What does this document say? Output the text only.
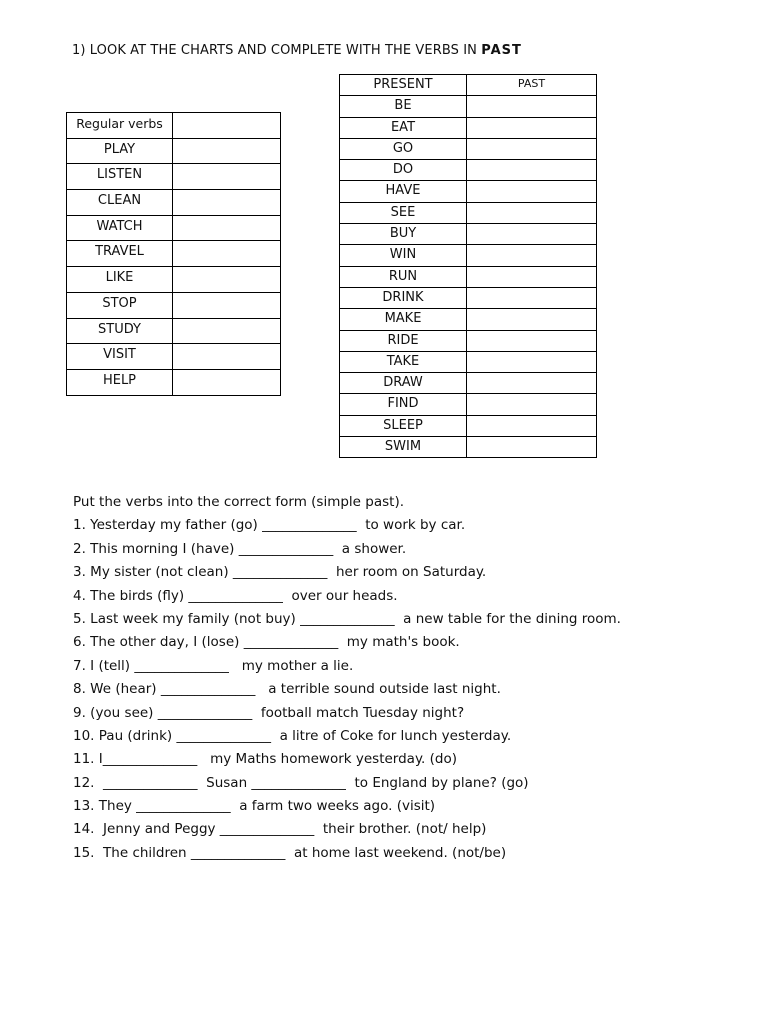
1) LOOK AT THE CHARTS AND COMPLETE WITH THE VERBS IN PAST
Regular verbs	
PLAY	
LISTEN	
CLEAN	
WATCH	
TRAVEL	
LIKE	
STOP	
STUDY	
VISIT	
HELP	
PRESENT	PAST
BE	
EAT	
GO	
DO	
HAVE	
SEE	
BUY	
WIN	
RUN	
DRINK	
MAKE	
RIDE	
TAKE	
DRAW	
FIND	
SLEEP	
SWIM	
Put the verbs into the correct form (simple past).
1. Yesterday my father (go) ______________  to work by car.
2. This morning I (have) ______________  a shower.
3. My sister (not clean) ______________  her room on Saturday.
4. The birds (fly) ______________  over our heads.
5. Last week my family (not buy) ______________  a new table for the dining room.
6. The other day, I (lose) ______________  my math's book.
7. I (tell) ______________   my mother a lie.
8. We (hear) ______________   a terrible sound outside last night.
9. (you see) ______________  football match Tuesday night?
10. Pau (drink) ______________  a litre of Coke for lunch yesterday.
11. I______________   my Maths homework yesterday. (do)
12.  ______________  Susan ______________  to England by plane? (go)
13. They ______________  a farm two weeks ago. (visit)
14.  Jenny and Peggy ______________  their brother. (not/ help)
15.  The children ______________  at home last weekend. (not/be)
